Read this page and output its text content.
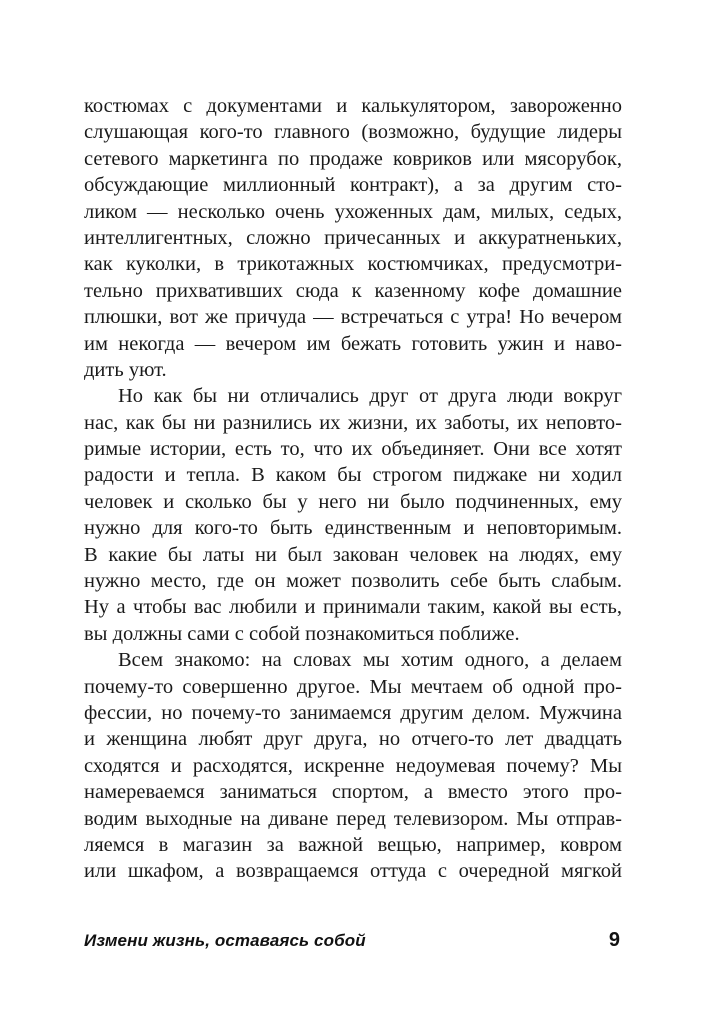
костюмах с документами и калькулятором, завороженно
слушающая кого-то главного (возможно, будущие лидеры
сетевого маркетинга по продаже ковриков или мясорубок,
обсуждающие миллионный контракт), а за другим сто-
ликом — несколько очень ухоженных дам, милых, седых,
интеллигентных, сложно причесанных и аккуратненьких,
как куколки, в трикотажных костюмчиках, предусмотри-
тельно прихвативших сюда к казенному кофе домашние
плюшки, вот же причуда — встречаться с утра! Но вечером
им некогда — вечером им бежать готовить ужин и наво-
дить уют.
Но как бы ни отличались друг от друга люди вокруг
нас, как бы ни разнились их жизни, их заботы, их неповто-
римые истории, есть то, что их объединяет. Они все хотят
радости и тепла. В каком бы строгом пиджаке ни ходил
человек и сколько бы у него ни было подчиненных, ему
нужно для кого-то быть единственным и неповторимым.
В какие бы латы ни был закован человек на людях, ему
нужно место, где он может позволить себе быть слабым.
Ну а чтобы вас любили и принимали таким, какой вы есть,
вы должны сами с собой познакомиться поближе.
Всем знакомо: на словах мы хотим одного, а делаем
почему-то совершенно другое. Мы мечтаем об одной про-
фессии, но почему-то занимаемся другим делом. Мужчина
и женщина любят друг друга, но отчего-то лет двадцать
сходятся и расходятся, искренне недоумевая почему? Мы
намереваемся заниматься спортом, а вместо этого про-
водим выходные на диване перед телевизором. Мы отправ-
ляемся в магазин за важной вещью, например, ковром
или шкафом, а возвращаемся оттуда с очередной мягкой
Измени жизнь, оставаясь собой	9
